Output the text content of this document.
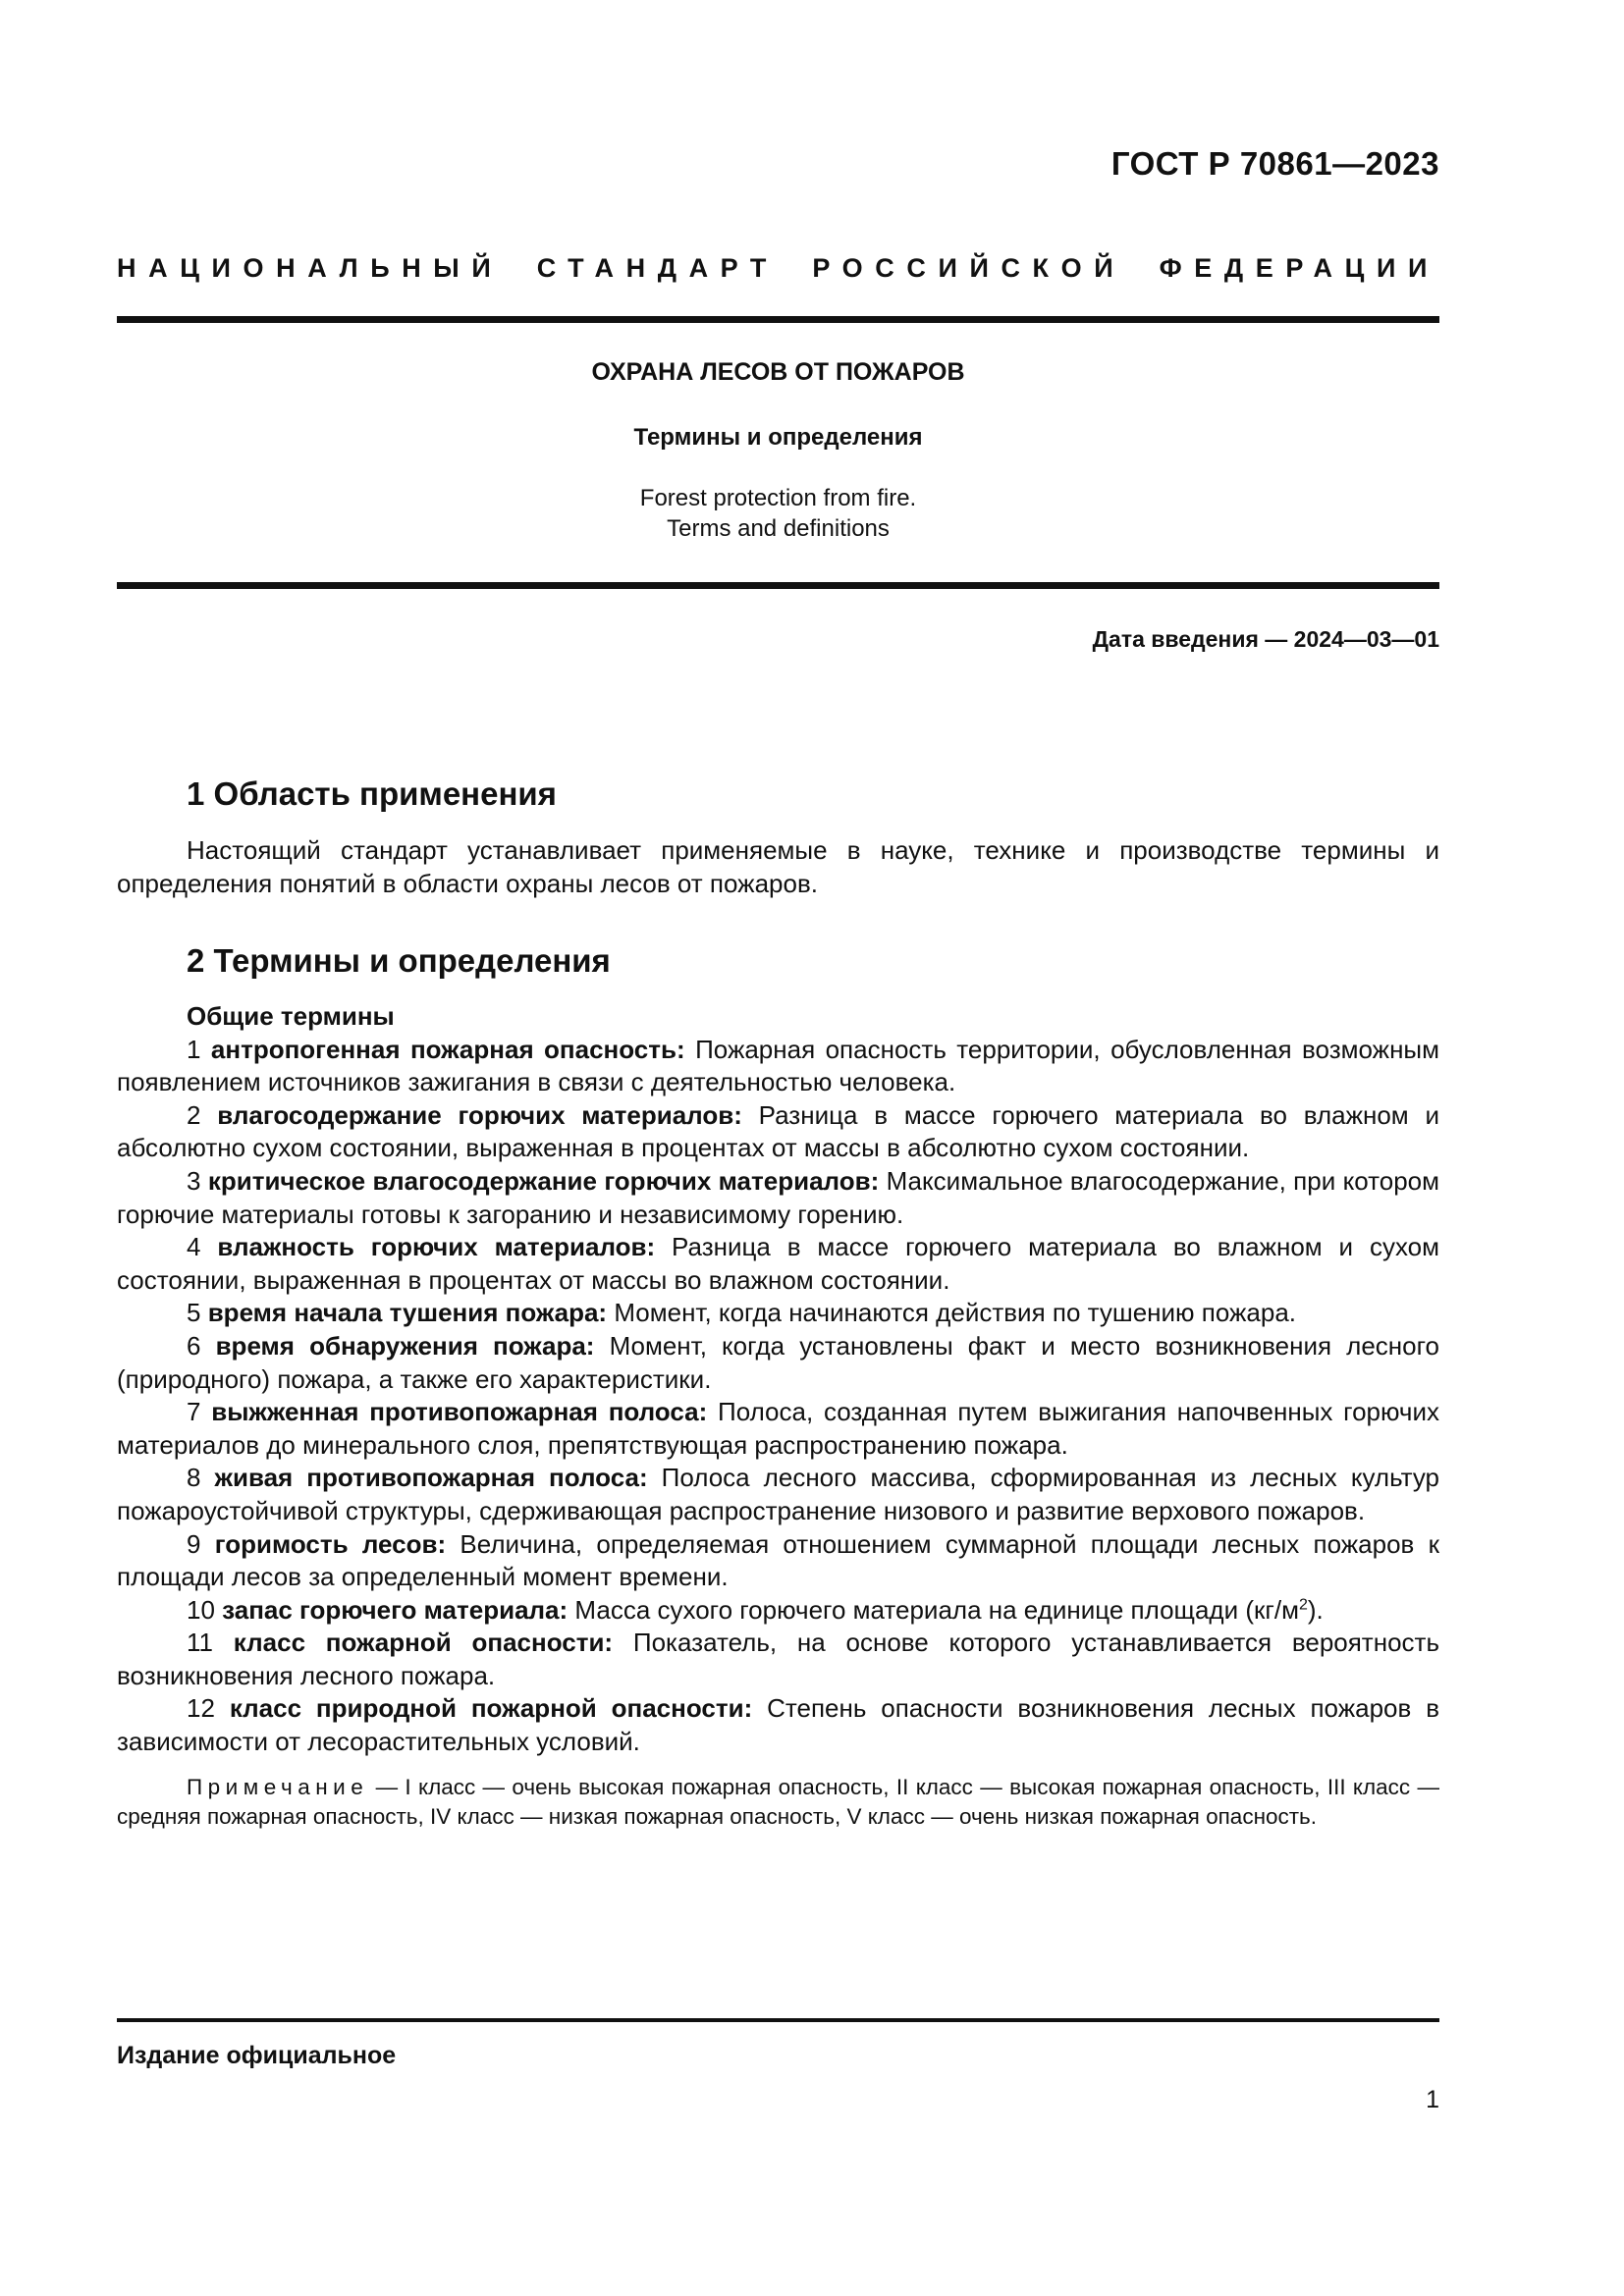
ГОСТ Р 70861—2023
НАЦИОНАЛЬНЫЙ СТАНДАРТ РОССИЙСКОЙ ФЕДЕРАЦИИ
ОХРАНА ЛЕСОВ ОТ ПОЖАРОВ
Термины и определения
Forest protection from fire.
Terms and definitions
Дата введения — 2024—03—01
1 Область применения
Настоящий стандарт устанавливает применяемые в науке, технике и производстве термины и определения понятий в области охраны лесов от пожаров.
2 Термины и определения
Общие термины

1 антропогенная пожарная опасность: Пожарная опасность территории, обусловленная возможным появлением источников зажигания в связи с деятельностью человека.

2 влагосодержание горючих материалов: Разница в массе горючего материала во влажном и абсолютно сухом состоянии, выраженная в процентах от массы в абсолютно сухом состоянии.

3 критическое влагосодержание горючих материалов: Максимальное влагосодержание, при котором горючие материалы готовы к загоранию и независимому горению.

4 влажность горючих материалов: Разница в массе горючего материала во влажном и сухом состоянии, выраженная в процентах от массы во влажном состоянии.

5 время начала тушения пожара: Момент, когда начинаются действия по тушению пожара.

6 время обнаружения пожара: Момент, когда установлены факт и место возникновения лесного (природного) пожара, а также его характеристики.

7 выжженная противопожарная полоса: Полоса, созданная путем выжигания напочвенных горючих материалов до минерального слоя, препятствующая распространению пожара.

8 живая противопожарная полоса: Полоса лесного массива, сформированная из лесных культур пожароустойчивой структуры, сдерживающая распространение низового и развитие верхового пожаров.

9 горимость лесов: Величина, определяемая отношением суммарной площади лесных пожаров к площади лесов за определенный момент времени.

10 запас горючего материала: Масса сухого горючего материала на единице площади $(кг/м^2)$.

11 класс пожарной опасности: Показатель, на основе которого устанавливается вероятность возникновения лесного пожара.

12 класс природной пожарной опасности: Степень опасности возникновения лесных пожаров в зависимости от лесорастительных условий.

Примечание — I класс — очень высокая пожарная опасность, II класс — высокая пожарная опасность, III класс — средняя пожарная опасность, IV класс — низкая пожарная опасность, V класс — очень низкая пожарная опасность.
Издание официальное
1
